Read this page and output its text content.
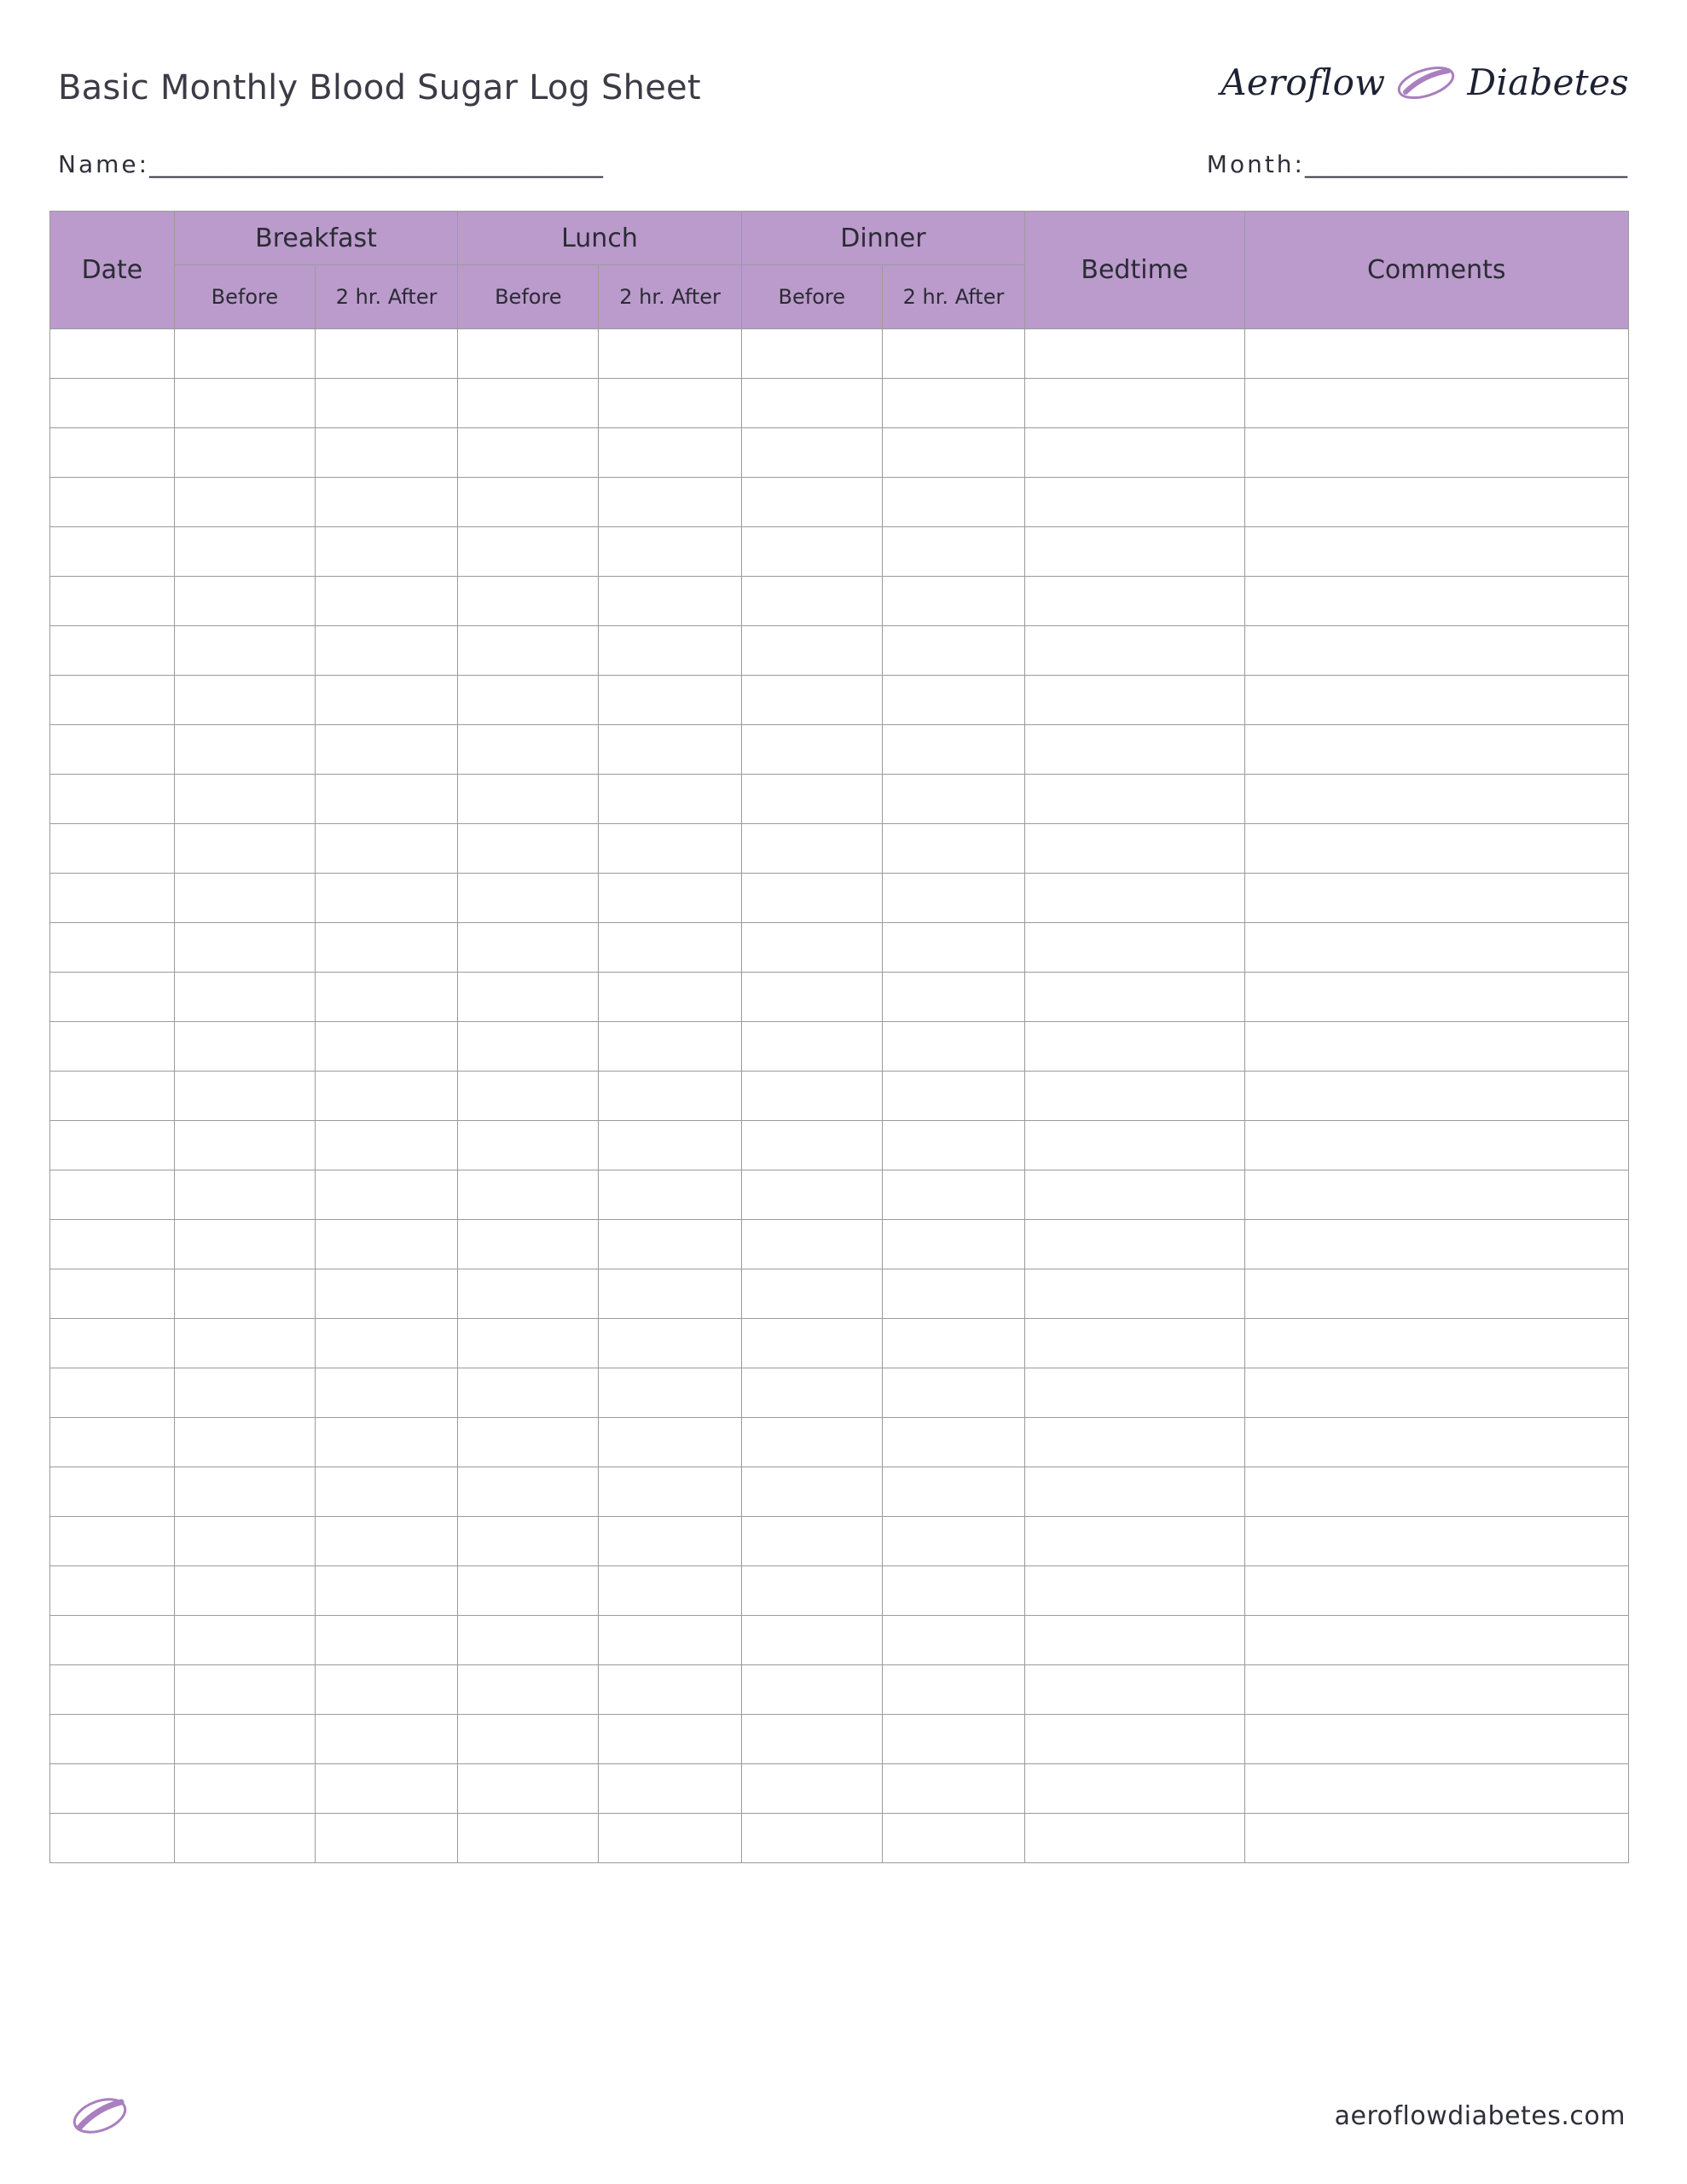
Basic Monthly Blood Sugar Log Sheet	Aeroflow Diabetes
Name:______________________________________	Month:___________________________
Date	Breakfast		Lunch		Dinner		Bedtime	Comments
	Before	2 hr. After	Before	2 hr. After	Before	2 hr. After		

aeroflowdiabetes.com
